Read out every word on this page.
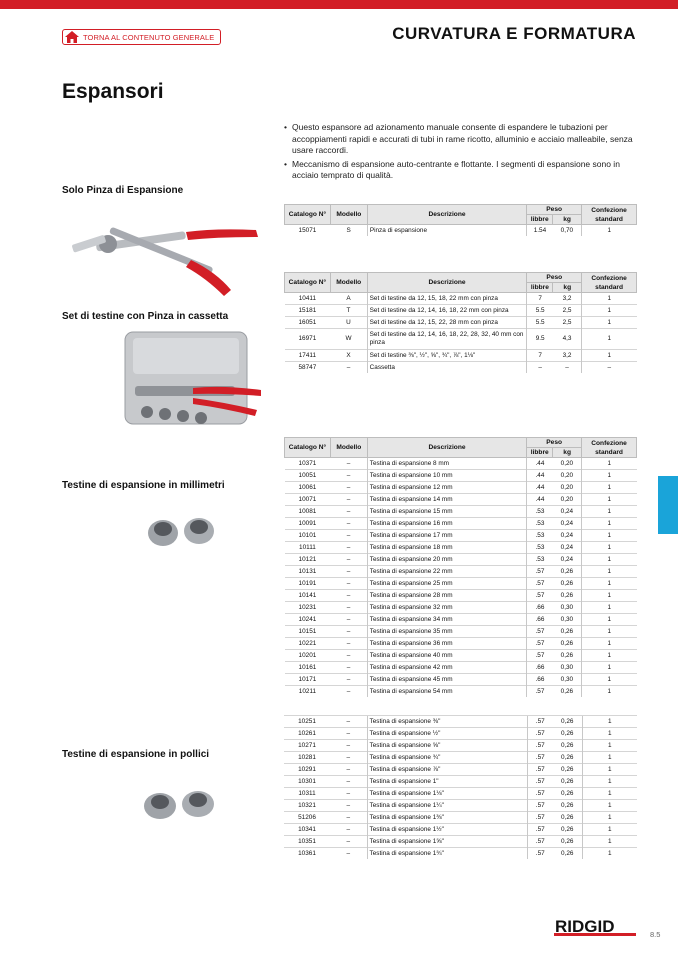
TORNA AL CONTENUTO GENERALE	CURVATURA E FORMATURA
Espansori
• Questo espansore ad azionamento manuale consente di espandere le tubazioni per accoppiamenti rapidi e accurati di tubi in rame ricotto, alluminio e acciaio malleabile, senza usare raccordi.
• Meccanismo di espansione auto-centrante e flottante. I segmenti di espansione sono in acciaio temprato di qualità.
Solo Pinza di Espansione
Set di testine con Pinza in cassetta
Testine di espansione in millimetri
Testine di espansione in pollici
Catalogo N°	Modello	Descrizione	Peso		Confezione standard
			libbre	kg	
15071	S	Pinza di espansione	1.54	0,70	1
Catalogo N°	Modello	Descrizione	Peso		Confezione standard
			libbre	kg	
10411	A	Set di testine da 12, 15, 18, 22 mm con pinza	7	3,2	1
15181	T	Set di testine da 12, 14, 16, 18, 22 mm con pinza	5.5	2,5	1
16051	U	Set di testine da 12, 15, 22, 28 mm con pinza	5.5	2,5	1
16971	W	Set di testine da 12, 14, 16, 18, 22, 28, 32, 40 mm con pinza	9.5	4,3	1
17411	X	Set di testine ⅜", ½", ⅝", ¾", ⅞", 1⅛"	7	3,2	1
58747	–	Cassetta	–	–	–
Catalogo N°	Modello	Descrizione	Peso		Confezione standard
			libbre	kg	
10371	–	Testina di espansione 8 mm	.44	0,20	1
10051	–	Testina di espansione 10 mm	.44	0,20	1
10061	–	Testina di espansione 12 mm	.44	0,20	1
10071	–	Testina di espansione 14 mm	.44	0,20	1
10081	–	Testina di espansione 15 mm	.53	0,24	1
10091	–	Testina di espansione 16 mm	.53	0,24	1
10101	–	Testina di espansione 17 mm	.53	0,24	1
10111	–	Testina di espansione 18 mm	.53	0,24	1
10121	–	Testina di espansione 20 mm	.53	0,24	1
10131	–	Testina di espansione 22 mm	.57	0,26	1
10191	–	Testina di espansione 25 mm	.57	0,26	1
10141	–	Testina di espansione 28 mm	.57	0,26	1
10231	–	Testina di espansione 32 mm	.66	0,30	1
10241	–	Testina di espansione 34 mm	.66	0,30	1
10151	–	Testina di espansione 35 mm	.57	0,26	1
10221	–	Testina di espansione 36 mm	.57	0,26	1
10201	–	Testina di espansione 40 mm	.57	0,26	1
10161	–	Testina di espansione 42 mm	.66	0,30	1
10171	–	Testina di espansione 45 mm	.66	0,30	1
10211	–	Testina di espansione 54 mm	.57	0,26	1
10251	–	Testina di espansione ⅜"	.57	0,26	1
10261	–	Testina di espansione ½"	.57	0,26	1
10271	–	Testina di espansione ⅝"	.57	0,26	1
10281	–	Testina di espansione ¾"	.57	0,26	1
10291	–	Testina di espansione ⅞"	.57	0,26	1
10301	–	Testina di espansione 1"	.57	0,26	1
10311	–	Testina di espansione 1⅛"	.57	0,26	1
10321	–	Testina di espansione 1¼"	.57	0,26	1
51206	–	Testina di espansione 1⅜"	.57	0,26	1
10341	–	Testina di espansione 1½"	.57	0,26	1
10351	–	Testina di espansione 1⅝"	.57	0,26	1
10361	–	Testina di espansione 1¾"	.57	0,26	1
RIDGID	8.5
